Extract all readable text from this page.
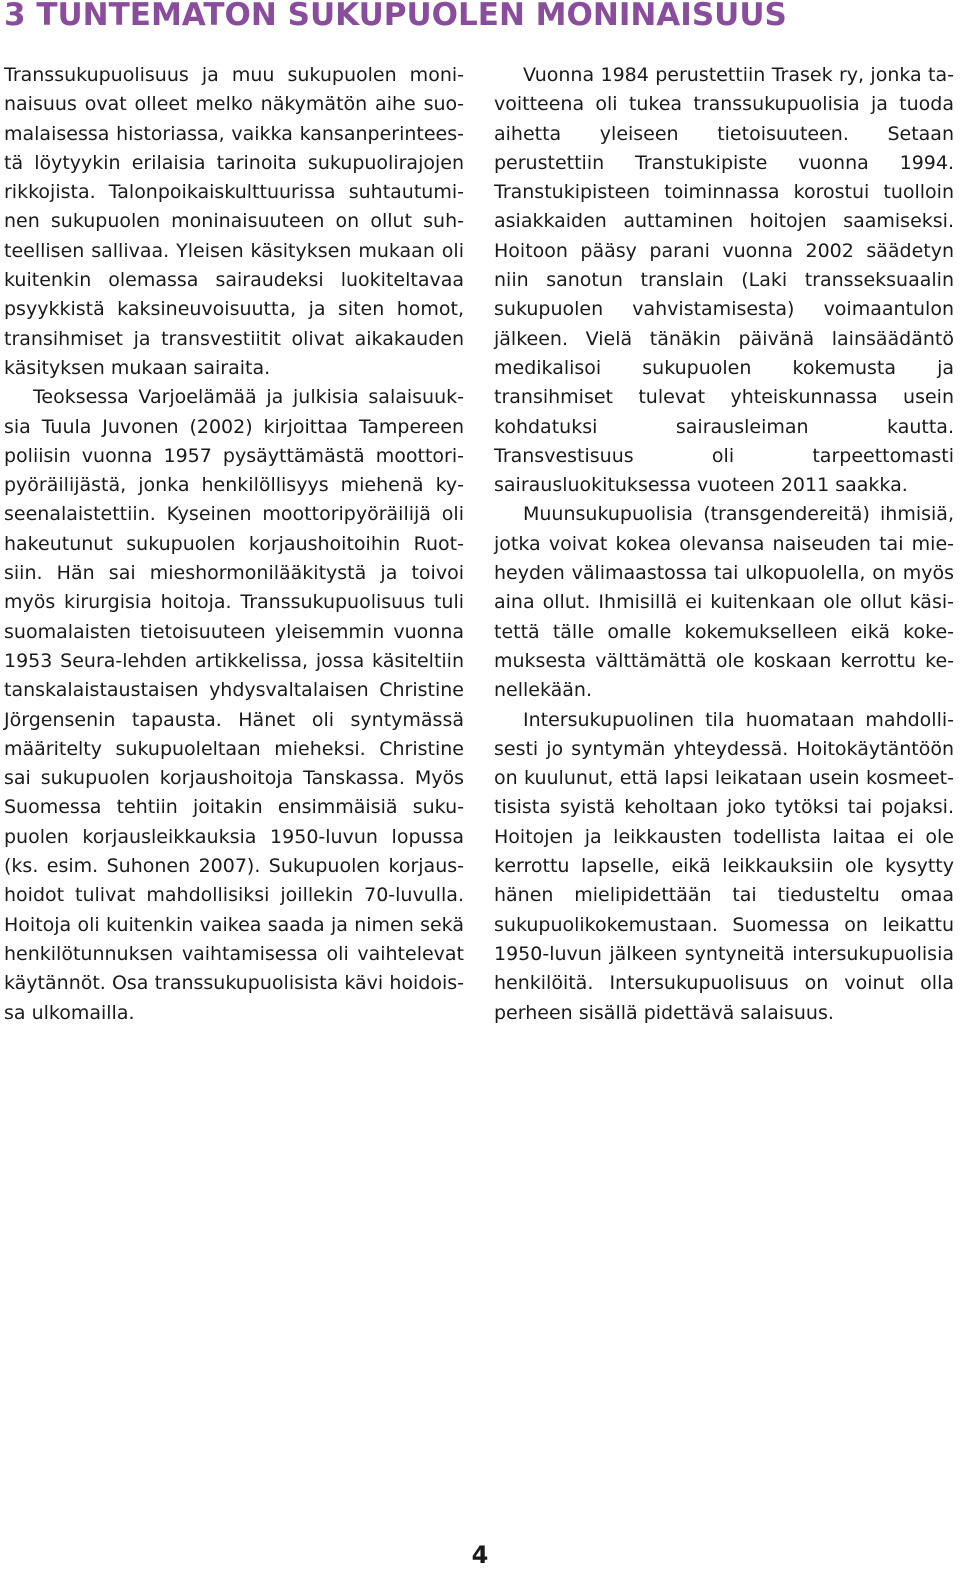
3 TUNTEMATON SUKUPUOLEN MONINAISUUS

Transsukupuolisuus ja muu sukupuolen moninaisuus ovat olleet melko näkymätön aihe suomalaisessa historiassa, vaikka kansanperinteestä löytyykin erilaisia tarinoita sukupuolirajojen rikkojista. Talonpoikaiskulttuurissa suhtautuminen sukupuolen moninaisuuteen on ollut suhteellisen sallivaa. Yleisen käsityksen mukaan oli kuitenkin olemassa sairaudeksi luokiteltavaa psyykkistä kaksineuvoisuutta, ja siten homot, transihmiset ja transvestiitit olivat aikakauden käsityksen mukaan sairaita.

Teoksessa Varjoelämää ja julkisia salaisuuksia Tuula Juvonen (2002) kirjoittaa Tampereen poliisin vuonna 1957 pysäyttämästä moottoripyöräilijästä, jonka henkilöllisyys miehenä kyseenalaistettiin. Kyseinen moottoripyöräilijä oli hakeutunut sukupuolen korjaushoitoihin Ruotsiin. Hän sai mieshormonilääkitystä ja toivoi myös kirurgisia hoitoja. Transsukupuolisuus tuli suomalaisten tietoisuuteen yleisemmin vuonna 1953 Seura-lehden artikkelissa, jossa käsiteltiin tanskalaistaustaisen yhdysvaltalaisen Christine Jörgensenin tapausta. Hänet oli syntymässä määritelty sukupuoleltaan mieheksi. Christine sai sukupuolen korjaushoitoja Tanskassa. Myös Suomessa tehtiin joitakin ensimmäisiä sukupuolen korjausleikkauksia 1950-luvun lopussa (ks. esim. Suhonen 2007). Sukupuolen korjaushoidot tulivat mahdollisiksi joillekin 70-luvulla. Hoitoja oli kuitenkin vaikea saada ja nimen sekä henkilötunnuksen vaihtamisessa oli vaihtelevat käytännöt. Osa transsukupuolisista kävi hoidoissa ulkomailla.

Vuonna 1984 perustettiin Trasek ry, jonka tavoitteena oli tukea transsukupuolisia ja tuoda aihetta yleiseen tietoisuuteen. Setaan perustettiin Transtukipiste vuonna 1994. Transtukipisteen toiminnassa korostui tuolloin asiakkaiden auttaminen hoitojen saamiseksi. Hoitoon pääsy parani vuonna 2002 säädetyn niin sanotun translain (Laki transseksuaalin sukupuolen vahvistamisesta) voimaantulon jälkeen. Vielä tänäkin päivänä lainsäädäntö medikalisoi sukupuolen kokemusta ja transihmiset tulevat yhteiskunnassa usein kohdatuksi sairausleiman kautta. Transvestisuus oli tarpeettomasti sairausluokituksessa vuoteen 2011 saakka.

Muunsukupuolisia (transgendereitä) ihmisiä, jotka voivat kokea olevansa naiseuden tai mieheyden välimaastossa tai ulkopuolella, on myös aina ollut. Ihmisillä ei kuitenkaan ole ollut käsitettä tälle omalle kokemukselleen eikä kokemuksesta välttämättä ole koskaan kerrottu kenellekään.

Intersukupuolinen tila huomataan mahdollisesti jo syntymän yhteydessä. Hoitokäytäntöön on kuulunut, että lapsi leikataan usein kosmeettisista syistä keholtaan joko tytöksi tai pojaksi. Hoitojen ja leikkausten todellista laitaa ei ole kerrottu lapselle, eikä leikkauksiin ole kysytty hänen mielipidettään tai tiedusteltu omaa sukupuolikokemustaan. Suomessa on leikattu 1950-luvun jälkeen syntyneitä intersukupuolisia henkilöitä. Intersukupuolisuus on voinut olla perheen sisällä pidettävä salaisuus.

4
